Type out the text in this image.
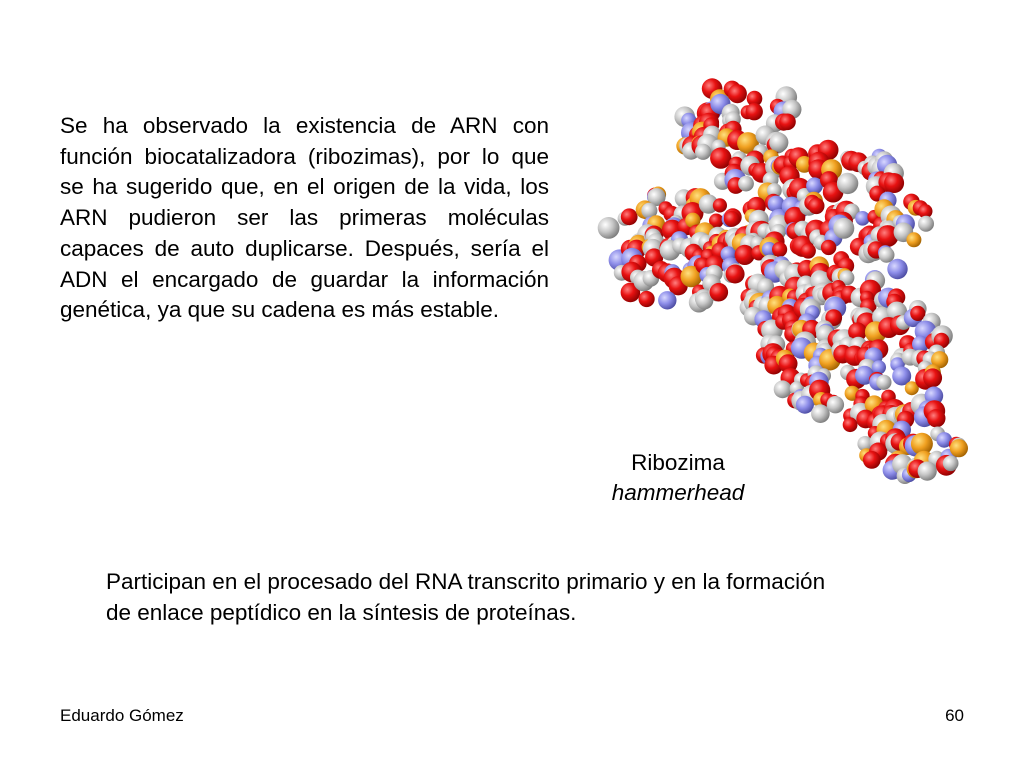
Se ha observado la existencia de ARN con función biocatalizadora (ribozimas), por lo que se ha sugerido que, en el origen de la vida, los ARN pudieron ser las primeras moléculas capaces de auto duplicarse. Después, sería el ADN el encargado de guardar la información genética, ya que su cadena es más estable.

Ribozima
hammerhead

Participan en el procesado del RNA transcrito primario y en la formación de enlace peptídico en la síntesis de proteínas.

Eduardo Gómez	60
